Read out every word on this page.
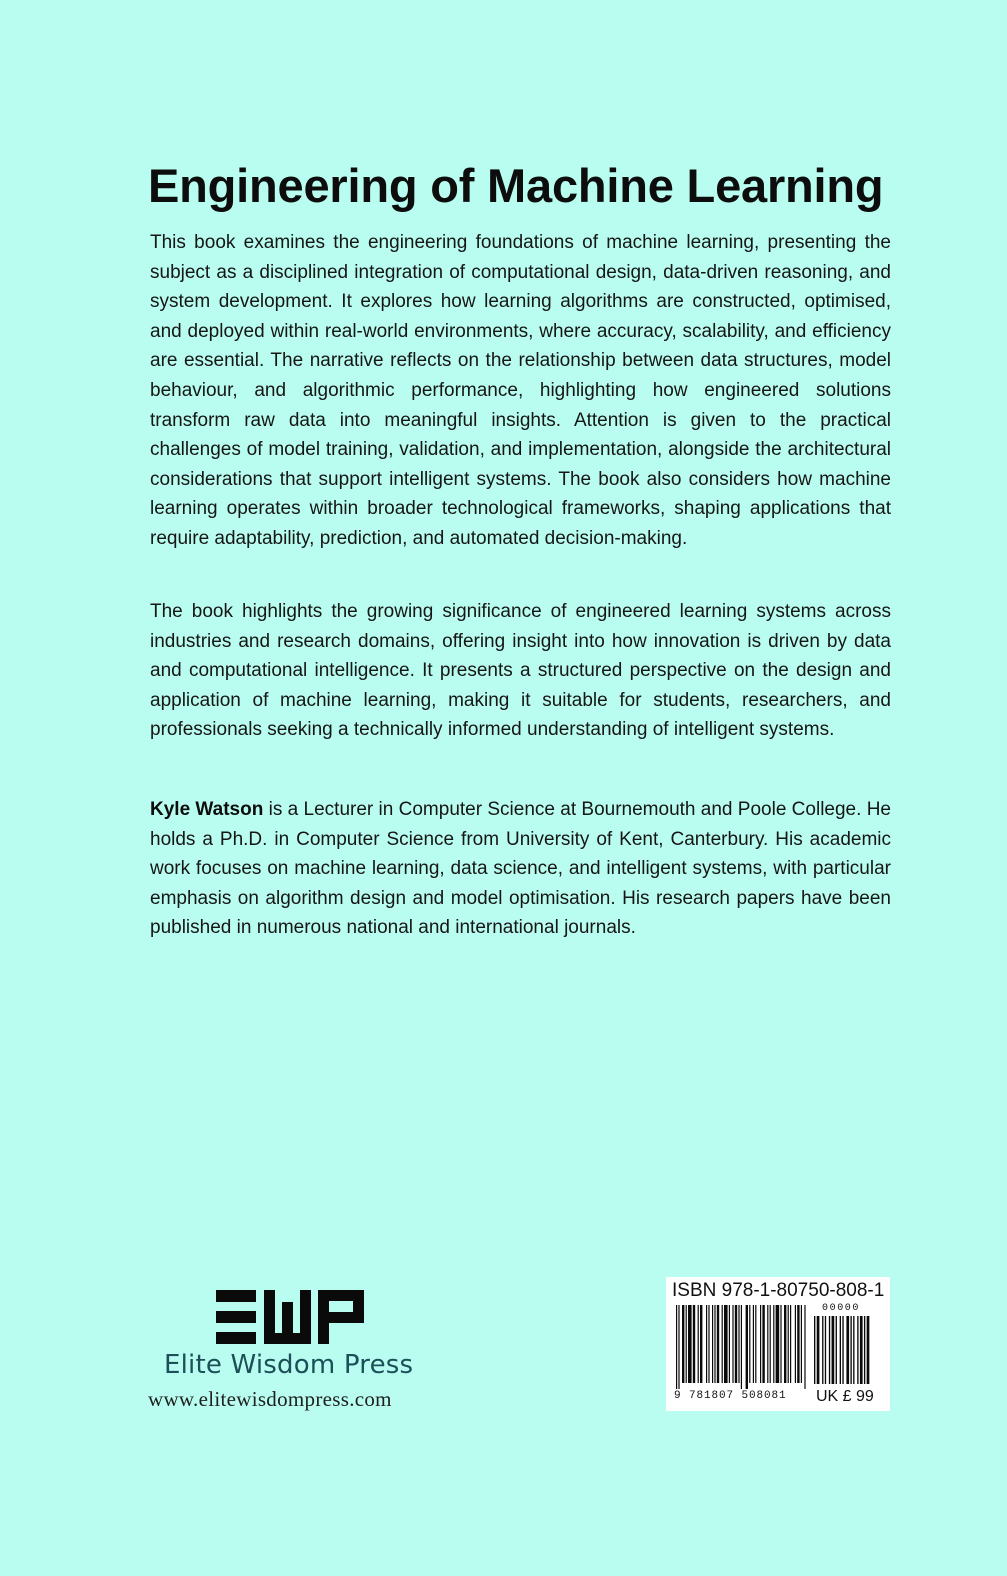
Engineering of Machine Learning

This book examines the engineering foundations of machine learning, presenting the subject as a disciplined integration of computational design, data-driven reasoning, and system development. It explores how learning algorithms are constructed, optimised, and deployed within real-world environments, where accuracy, scalability, and efficiency are essential. The narrative reflects on the relationship between data structures, model behaviour, and algorithmic performance, highlighting how engineered solutions transform raw data into meaningful insights. Attention is given to the practical challenges of model training, validation, and implementation, alongside the architectural considerations that support intelligent systems. The book also considers how machine learning operates within broader technological frameworks, shaping applications that require adaptability, prediction, and automated decision-making.

The book highlights the growing significance of engineered learning systems across industries and research domains, offering insight into how innovation is driven by data and computational intelligence. It presents a structured perspective on the design and application of machine learning, making it suitable for students, researchers, and professionals seeking a technically informed understanding of intelligent systems.

Kyle Watson is a Lecturer in Computer Science at Bournemouth and Poole College. He holds a Ph.D. in Computer Science from University of Kent, Canterbury. His academic work focuses on machine learning, data science, and intelligent systems, with particular emphasis on algorithm design and model optimisation. His research papers have been published in numerous national and international journals.

Elite Wisdom Press
www.elitewisdompress.com
ISBN 978-1-80750-808-1
9 781807 508081
00000
UK £ 99
